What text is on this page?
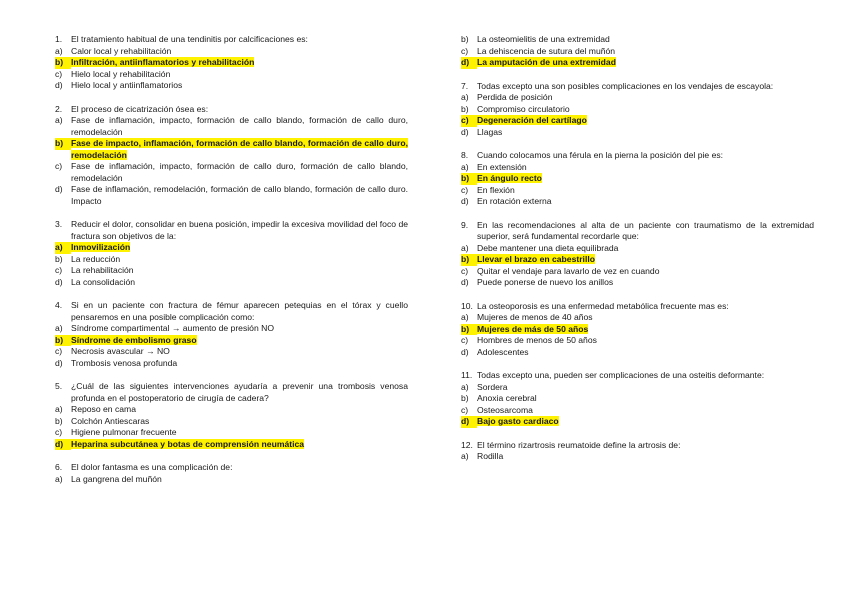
1.	El tratamiento habitual de una tendinitis por calcificaciones es:
a) Calor local y rehabilitación
b) Infiltración, antiinflamatorios y rehabilitación
c)	Hielo local y rehabilitación
d) Hielo local y antiinflamatorios
2.	El proceso de cicatrización ósea es:
a) Fase de inflamación, impacto, formación de callo blando, formación de callo duro, remodelación
b) Fase de impacto, inflamación, formación de callo blando, formación de callo duro, remodelación
c)	Fase de inflamación, impacto, formación de callo duro, formación de callo blando, remodelación
d) Fase de inflamación, remodelación, formación de callo blando, formación de callo duro. Impacto
3.	Reducir el dolor, consolidar en buena posición, impedir la excesiva movilidad del foco de fractura son objetivos de la:
a) Inmovilización
b) La reducción
c)	La rehabilitación
d) La consolidación
4.	Si en un paciente con fractura de fémur aparecen petequias en el tórax y cuello pensaremos en una posible complicación como:
a) Síndrome compartimental → aumento de presión NO
b) Síndrome de embolismo graso
c)	Necrosis avascular → NO
d) Trombosis venosa profunda
5.	¿Cuál de las siguientes intervenciones ayudaría a prevenir una trombosis venosa profunda en el postoperatorio de cirugía de cadera?
a) Reposo en cama
b) Colchón Antiescaras
c)	Higiene pulmonar frecuente
d) Heparina subcutánea y botas de comprensión neumática
6.	El dolor fantasma es una complicación de:
a) La gangrena del muñón
b) La osteomielitis de una extremidad
c)	La dehiscencia de sutura del muñón
d) La amputación de una extremidad
7.	Todas excepto una son posibles complicaciones en los vendajes de escayola:
a) Perdida de posición
b) Compromiso circulatorio
c) Degeneración del cartílago
d) Llagas
8.	Cuando colocamos una férula en la pierna la posición del pie es:
a) En extensión
b) En ángulo recto
c)	En flexión
d) En rotación externa
9.	En las recomendaciones al alta de un paciente con traumatismo de la extremidad superior, será fundamental recordarle que:
a) Debe mantener una dieta equilibrada
b) Llevar el brazo en cabestrillo
c)	Quitar el vendaje para lavarlo de vez en cuando
d) Puede ponerse de nuevo los anillos
10. La osteoporosis es una enfermedad metabólica frecuente mas es:
a) Mujeres de menos de 40 años
b) Mujeres de más de 50 años
c)	Hombres de menos de 50 años
d) Adolescentes
11. Todas excepto una, pueden ser complicaciones de una osteitis deformante:
a) Sordera
b) Anoxia cerebral
c)	Osteosarcoma
d) Bajo gasto cardiaco
12. El término rizartrosis reumatoide define la artrosis de:
a) Rodilla
